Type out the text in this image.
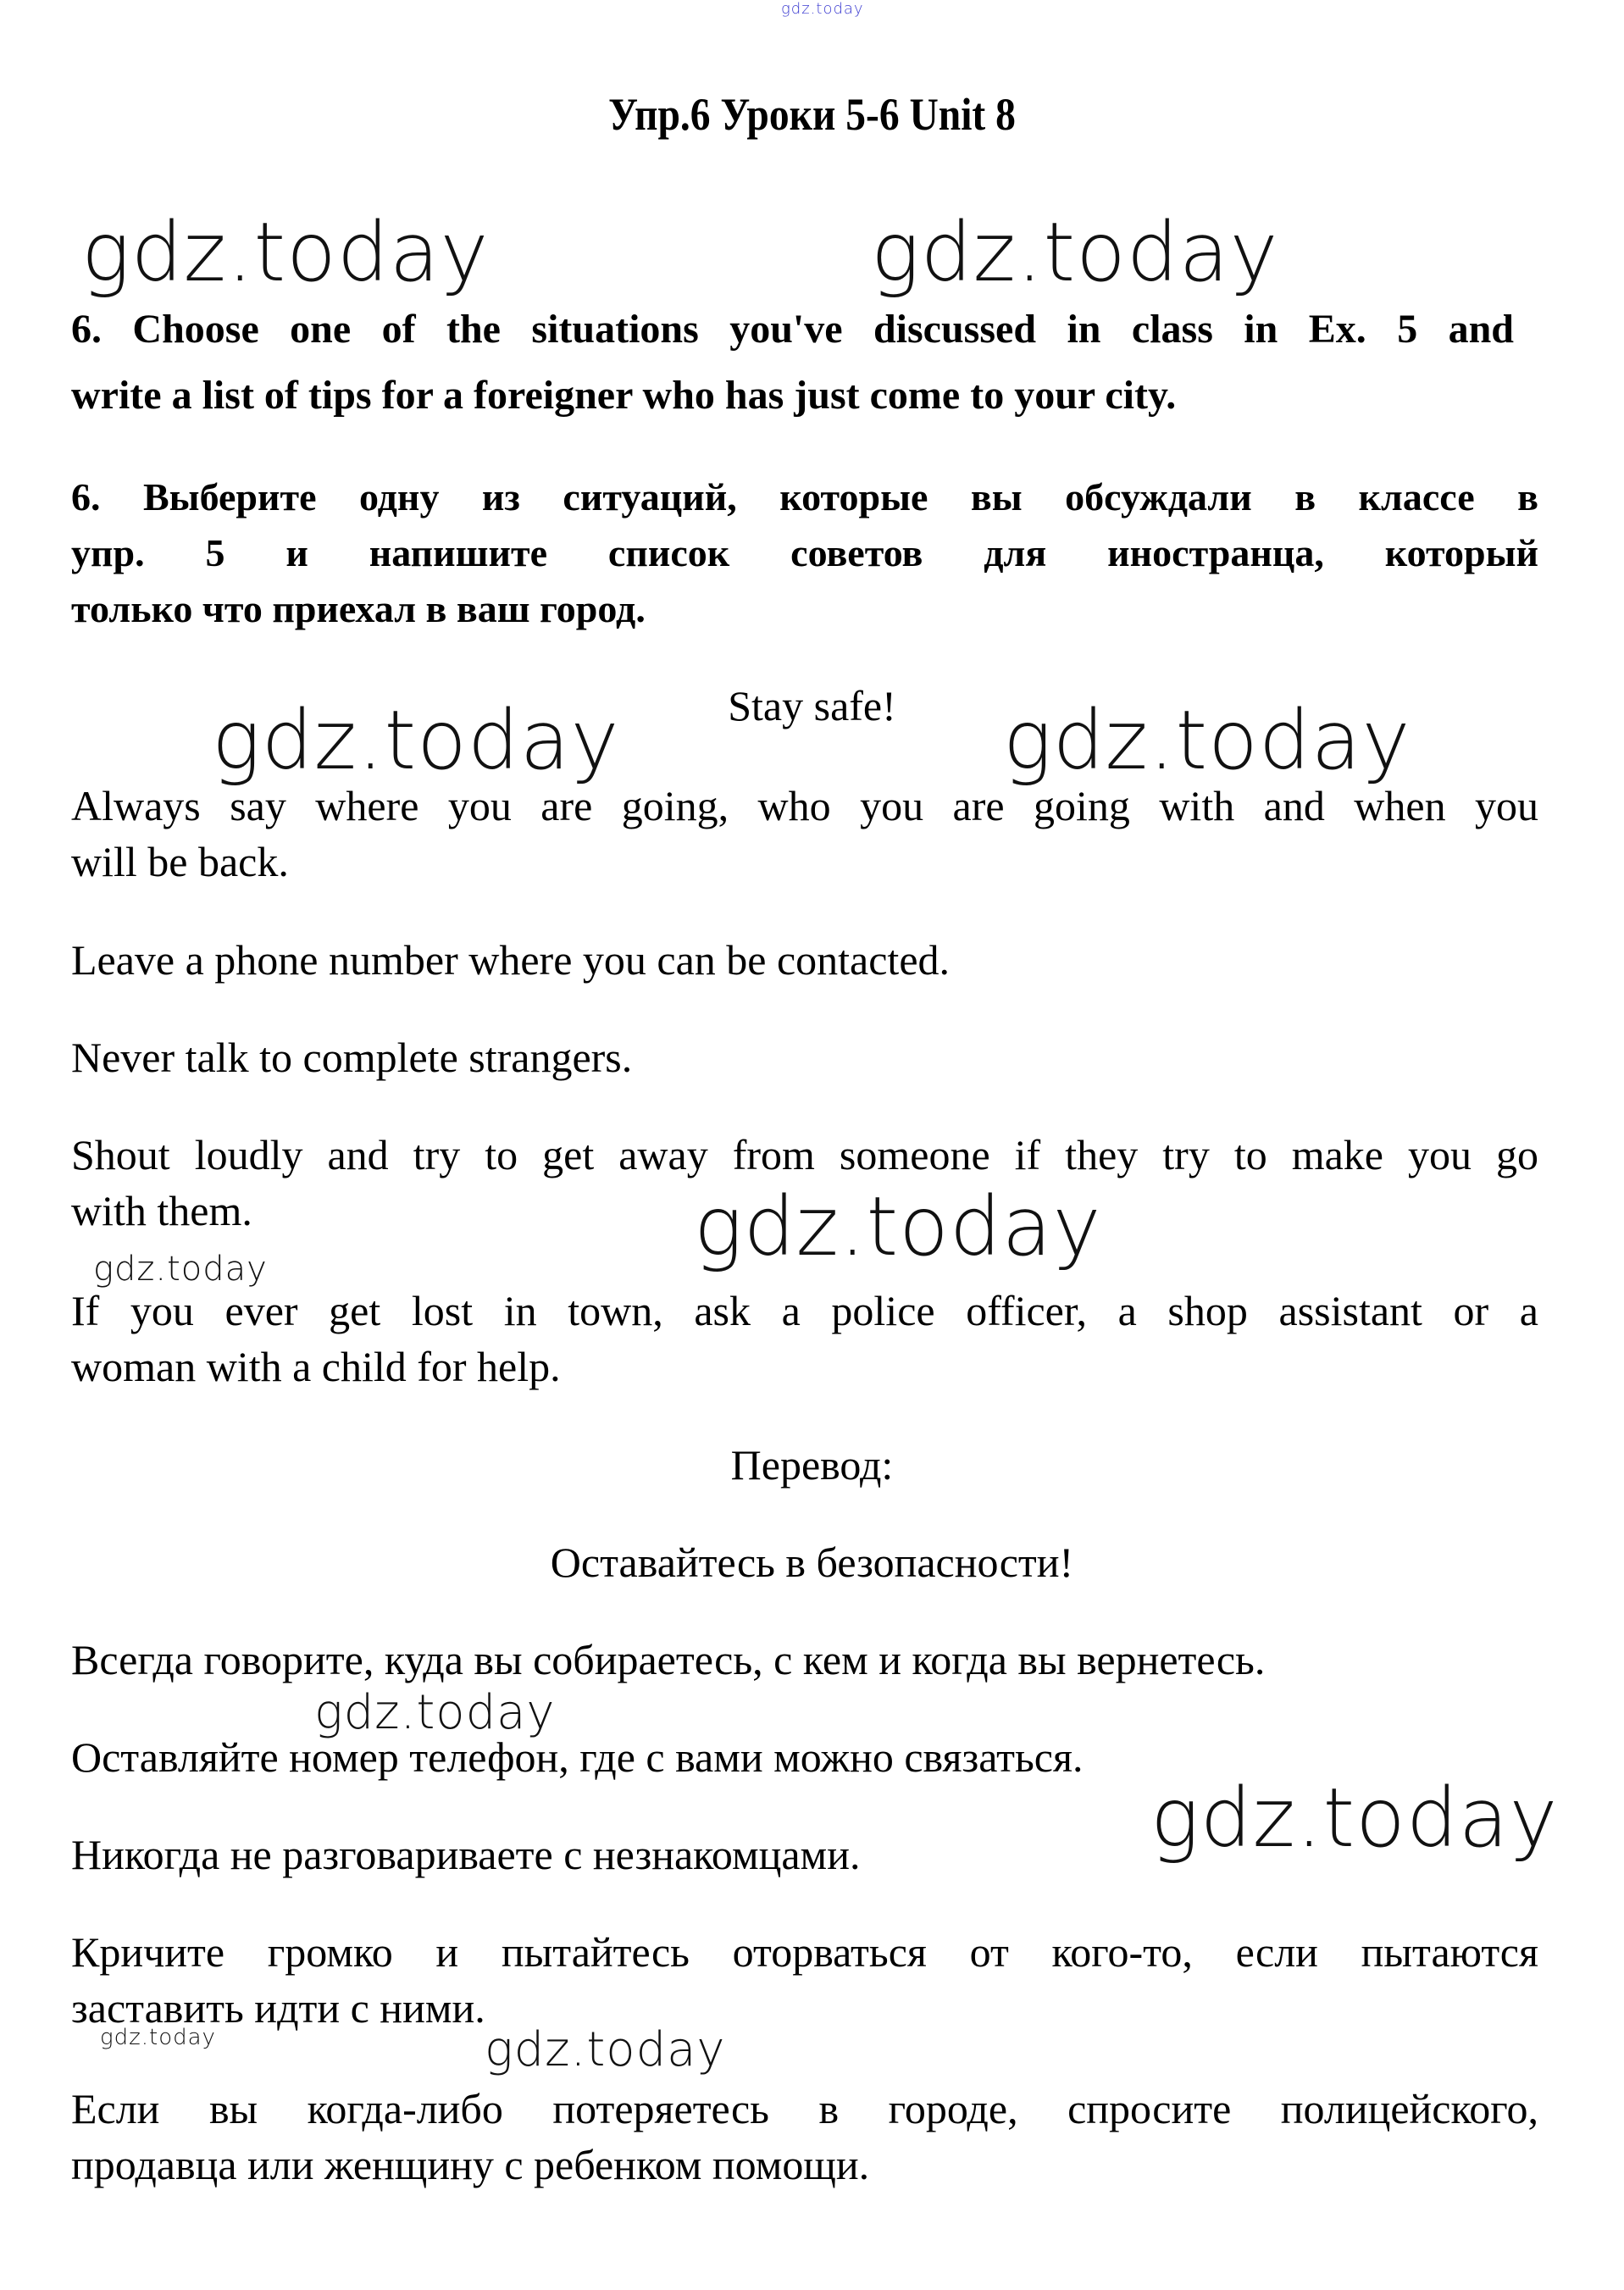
gdz.today
gdz.today	gdz.today
gdz.today	gdz.today
gdz.today
gdz.today
gdz.today
gdz.today
gdz.today	gdz.today
Упр.6 Уроки 5-6 Unit 8
6. Choose one of the situations you've discussed in class in Ex. 5 and
write a list of tips for a foreigner who has just come to your city.
6. Выберите одну из ситуаций, которые вы обсуждали в классе в
упр. 5 и напишите список советов для иностранца, который
только что приехал в ваш город.
Stay safe!
Always say where you are going, who you are going with and when you
will be back.
Leave a phone number where you can be contacted.
Never talk to complete strangers.
Shout loudly and try to get away from someone if they try to make you go
with them.
If you ever get lost in town, ask a police officer, a shop assistant or a
woman with a child for help.
Перевод:
Оставайтесь в безопасности!
Всегда говорите, куда вы собираетесь, с кем и когда вы вернетесь.
Оставляйте номер телефон, где с вами можно связаться.
Никогда не разговариваете с незнакомцами.
Кричите громко и пытайтесь оторваться от кого-то, если пытаются
заставить идти с ними.
Если вы когда-либо потеряетесь в городе, спросите полицейского,
продавца или женщину с ребенком помощи.
